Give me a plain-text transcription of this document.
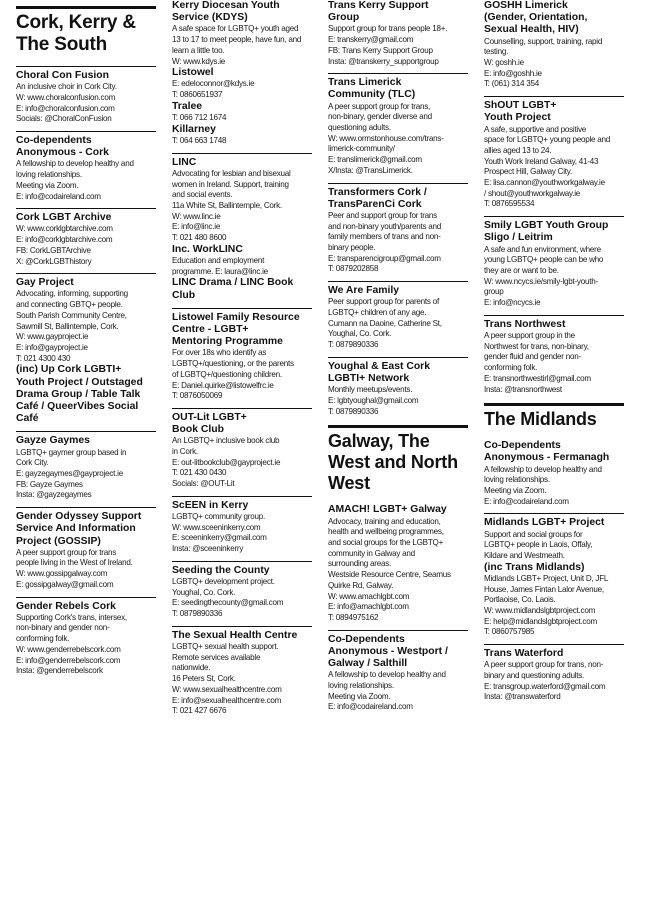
Cork, Kerry & The South
Choral Con Fusion
An inclusive choir in Cork City.
W: www.choralconfusion.com
E: info@choralconfusion.com
Socials: @ChoralConFusion
Co-dependents
Anonymous - Cork
A fellowship to develop healthy and
loving relationships.
Meeting via Zoom.
E: info@codaireland.com
Cork LGBT Archive
W: www.corklgbtarchive.com
E: info@corklgbtarchive.com
FB: CorkLGBTArchive
X: @CorkLGBThistory
Gay Project
Advocating, informing, supporting
and connecting GBTQ+ people.
South Parish Community Centre,
Sawmill St, Ballintemple, Cork.
W: www.gayproject.ie
E: info@gayproject.ie
T: 021 4300 430
(inc) Up Cork LGBTI+
Youth Project / Outstaged
Drama Group / Table Talk
Café / QueerVibes Social
Café
Gayze Gaymes
LGBTQ+ gaymer group based in
Cork City.
E: gayzegaymes@gayproject.ie
FB: Gayze Gaymes
Insta: @gayzegaymes
Gender Odyssey Support
Service And Information
Project (GOSSIP)
A peer support group for trans
people living in the West of Ireland.
W: www.gossipgalway.com
E: gossipgalway@gmail.com
Gender Rebels Cork
Supporting Cork's trans, intersex,
non-binary and gender non-
conforming folk.
W: www.genderrebelscork.com
E: info@genderrebelscork.com
Insta: @genderrebelscork
Kerry Diocesan Youth
Service (KDYS)
A safe space for LGBTQ+ youth aged
13 to 17 to meet people, have fun, and
learn a little too.
W: www.kdys.ie
Listowel
E: edeloconnor@kdys.ie
T: 0860651937
Tralee
T: 066 712 1674
Killarney
T: 064 663 1748
LINC
Advocating for lesbian and bisexual
women in Ireland. Support, training
and social events.
11a White St, Ballintemple, Cork.
W: www.linc.ie
E: info@linc.ie
T: 021 480 8600
Inc. WorkLINC
Education and employment
programme. E: laura@linc.ie
LINC Drama / LINC Book
Club
Listowel Family Resource
Centre - LGBT+
Mentoring Programme
For over 18s who identify as
LGBTQ+/questioning, or the parents
of LGBTQ+/questioning children.
E: Daniel.quirke@listowelfrc.ie
T: 0876050069
OUT-Lit LGBT+
Book Club
An LGBTQ+ inclusive book club
in Cork.
E: out-litbookclub@gayproject.ie
T: 021 430 0430
Socials: @OUT-Lit
ScEEN in Kerry
LGBTQ+ community group.
W: www.sceeninkerry.com
E: sceeninkerry@gmail.com
Insta: @sceeninkerry
Seeding the County
LGBTQ+ development project.
Youghal, Co. Cork.
E: seedingthecounty@gmail.com
T: 0879890336
The Sexual Health Centre
LGBTQ+ sexual health support.
Remote services available
nationwide.
16 Peters St, Cork.
W: www.sexualhealthcentre.com
E: info@sexualhealthcentre.com
T: 021 427 6676
Trans Kerry Support
Group
Support group for trans people 18+.
E: transkerry@gmail.com
FB: Trans Kerry Support Group
Insta: @transkerry_supportgroup
Trans Limerick
Community (TLC)
A peer support group for trans,
non-binary, gender diverse and
questioning adults.
W: www.ormstonhouse.com/trans-
limerick-community/
E: translimerick@gmail.com
X/Insta: @TransLimerick.
Transformers Cork /
TransParenCi Cork
Peer and support group for trans
and non-binary youth/parents and
family members of trans and non-
binary people.
E: transparencigroup@gmail.com
T: 0879202858
We Are Family
Peer support group for parents of
LGBTQ+ children of any age.
Cumann na Daoine, Catherine St,
Youghal, Co. Cork.
T: 0879890336
Youghal & East Cork
LGBTI+ Network
Monthly meetups/events.
E: lgbtyoughal@gmail.com
T: 0879890336
Galway, The West and North West
AMACH! LGBT+ Galway
Advocacy, training and education,
health and wellbeing programmes,
and social groups for the LGBTQ+
community in Galway and
surrounding areas.
Westside Resource Centre, Seamus
Quirke Rd, Galway.
W: www.amachlgbt.com
E: info@amachlgbt.com
T: 0894975162
Co-Dependents
Anonymous - Westport /
Galway / Salthill
A fellowship to develop healthy and
loving relationships.
Meeting via Zoom.
E: info@codaireland.com
GOSHH Limerick
(Gender, Orientation,
Sexual Health, HIV)
Counselling, support, training, rapid
testing.
W: goshh.ie
E: info@goshh.ie
T: (061) 314 354
ShOUT LGBT+
Youth Project
A safe, supportive and positive
space for LGBTQ+ young people and
allies aged 13 to 24.
Youth Work Ireland Galway, 41-43
Prospect Hill, Galway City.
E: lisa.cannon@youthworkgalway.ie
/ shout@youthworkgalway.ie
T: 0876595534
Smily LGBT Youth Group
Sligo / Leitrim
A safe and fun environment, where
young LGBTQ+ people can be who
they are or want to be.
W: www.ncycs.ie/smily-lgbt-youth-
group
E: info@ncycs.ie
Trans Northwest
A peer support group in the
Northwest for trans, non-binary,
gender fluid and gender non-
conforming folk.
E: transnorthwestirl@gmail.com
Insta: @transnorthwest
The Midlands
Co-Dependents
Anonymous - Fermanagh
A fellowship to develop healthy and
loving relationships.
Meeting via Zoom.
E: info@codaireland.com
Midlands LGBT+ Project
Support and social groups for
LGBTQ+ people in Laois, Offaly,
Kildare and Westmeath.
(inc Trans Midlands)
Midlands LGBT+ Project, Unit D, JFL
House, James Fintan Lalor Avenue,
Portlaoise, Co. Laois.
W: www.midlandslgbtproject.com
E: help@midlandslgbtproject.com
T: 0860757985
Trans Waterford
A peer support group for trans, non-
binary and questioning adults.
E: transgroup.waterford@gmail.com
Insta: @transwaterford
